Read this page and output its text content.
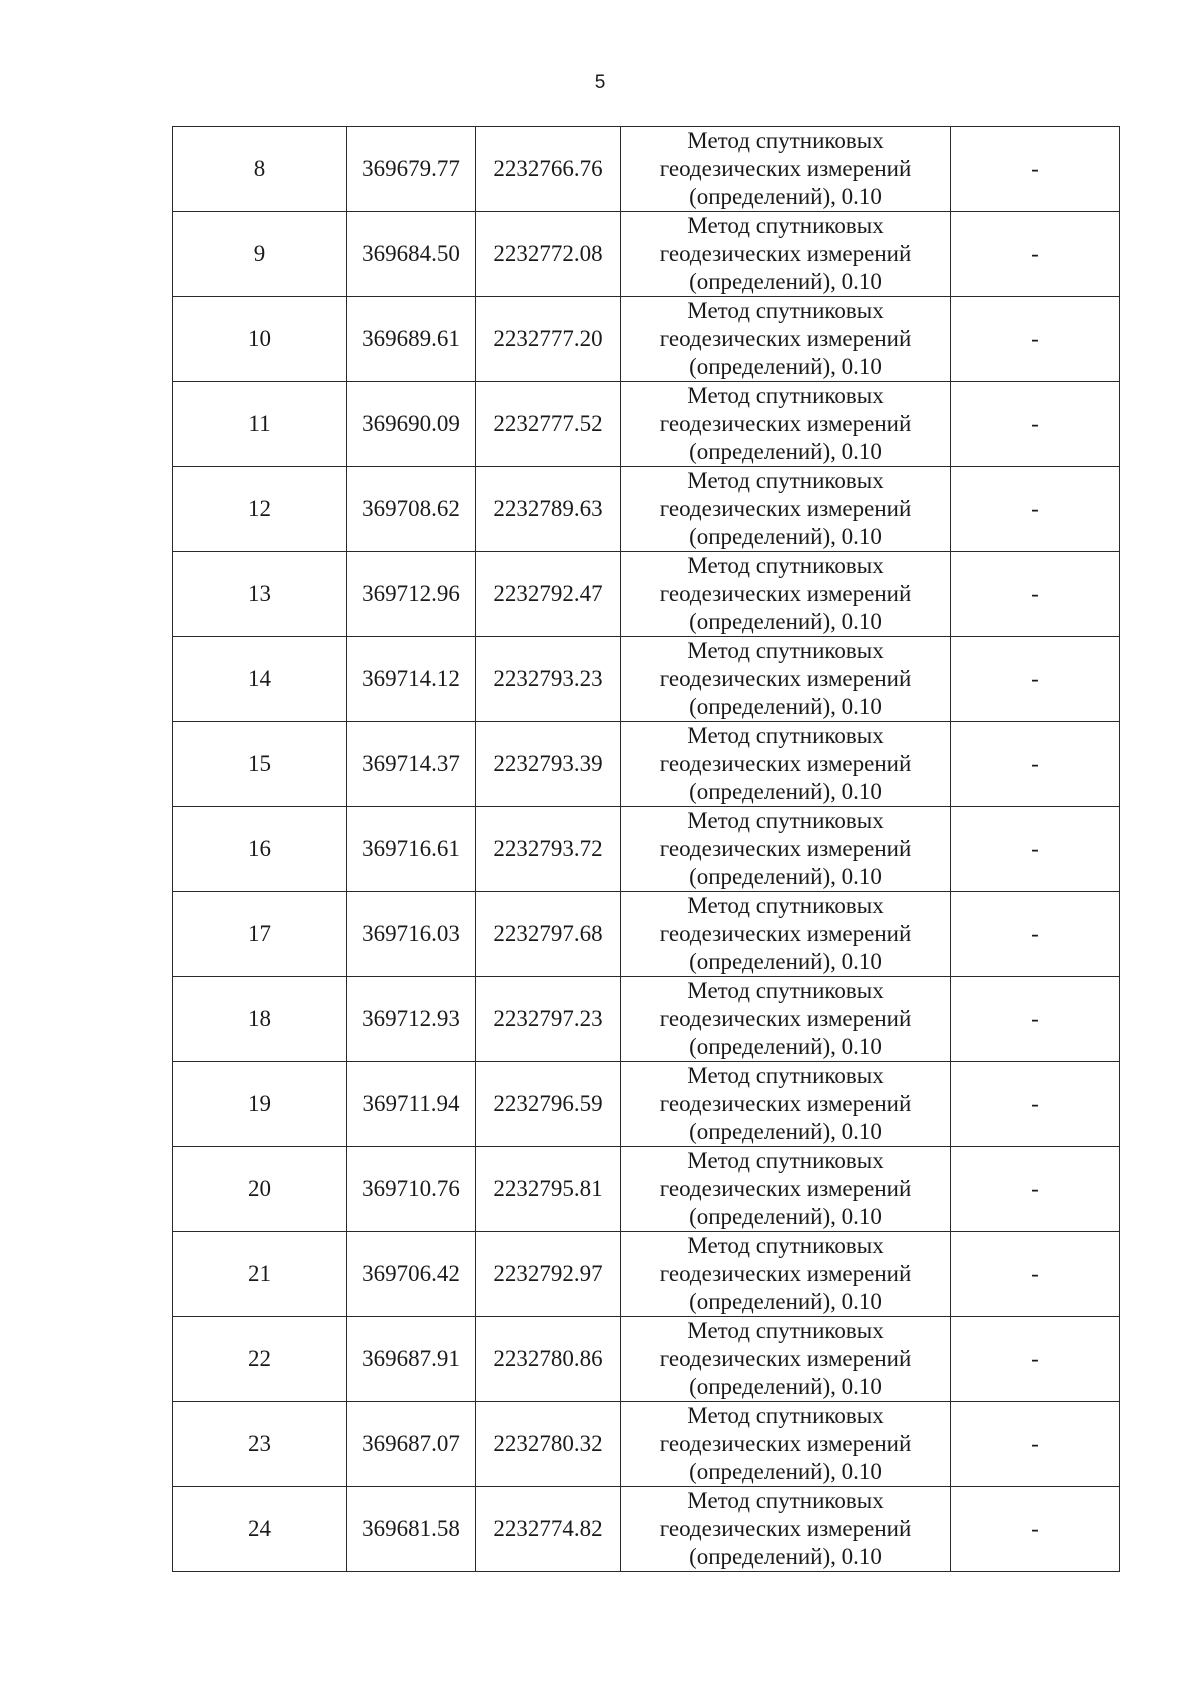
5
8	369679.77	2232766.76	Метод спутниковых
геодезических измерений
(определений), 0.10	-
9	369684.50	2232772.08	Метод спутниковых
геодезических измерений
(определений), 0.10	-
10	369689.61	2232777.20	Метод спутниковых
геодезических измерений
(определений), 0.10	-
11	369690.09	2232777.52	Метод спутниковых
геодезических измерений
(определений), 0.10	-
12	369708.62	2232789.63	Метод спутниковых
геодезических измерений
(определений), 0.10	-
13	369712.96	2232792.47	Метод спутниковых
геодезических измерений
(определений), 0.10	-
14	369714.12	2232793.23	Метод спутниковых
геодезических измерений
(определений), 0.10	-
15	369714.37	2232793.39	Метод спутниковых
геодезических измерений
(определений), 0.10	-
16	369716.61	2232793.72	Метод спутниковых
геодезических измерений
(определений), 0.10	-
17	369716.03	2232797.68	Метод спутниковых
геодезических измерений
(определений), 0.10	-
18	369712.93	2232797.23	Метод спутниковых
геодезических измерений
(определений), 0.10	-
19	369711.94	2232796.59	Метод спутниковых
геодезических измерений
(определений), 0.10	-
20	369710.76	2232795.81	Метод спутниковых
геодезических измерений
(определений), 0.10	-
21	369706.42	2232792.97	Метод спутниковых
геодезических измерений
(определений), 0.10	-
22	369687.91	2232780.86	Метод спутниковых
геодезических измерений
(определений), 0.10	-
23	369687.07	2232780.32	Метод спутниковых
геодезических измерений
(определений), 0.10	-
24	369681.58	2232774.82	Метод спутниковых
геодезических измерений
(определений), 0.10	-
